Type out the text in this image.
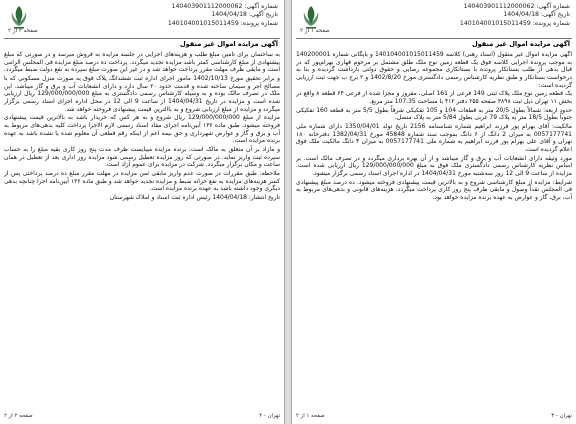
شماره آگهی: 140403901112000062
تاریخ آگهی: 1404/04/18
شماره پرونده: 140104001015011459
صفحه ۲ از ۲
آگهی مزایده اموال غیر منقول

به ساختمان برای تامین مبلغ طلب و هزینه‌های اجرایی در جلسه مزایده به فروش میرسد و در صورتی که مبلغ پیشنهادی از مبلغ کارشناسی کمتر باشد مزایده تجدید میگردد. پرداخت ده درصد مبلغ مزایده فی المجلس الزامی است و مابقی ظرف مهلت مقرر پرداخت خواهد شد و در غیر این صورت مبلغ سپرده به نفع دولت ضبط میگردد.

و برابر تحقیق مورخ 1402/10/13 مامور اجرای اداره ثبت ششدانگ پلاک فوق به صورت منزل مسکونی که با مصالح آجر و سیمان ساخته شده و قدمت حدود ۲۰ سال دارد و دارای انشعابات آب و برق و گاز میباشد. این ملک در تصرف مالک بوده و به وسیله کارشناس رسمی دادگستری به مبلغ 129/000/000/000 ریال ارزیابی شده است و مزایده در تاریخ 1404/04/31 از ساعت 9 الی 12 در محل اداره اجرای اسناد رسمی برگزار میگردد و مزایده از مبلغ ارزیابی شروع و به باالترین قیمت پیشنهادی فروخته خواهد شد.

مزایده از مبلغ 129/000/000/000 ریال شروع و به هر کس که خریدار باشد به بالاترین قیمت پیشنهادی فروخته میشود. طبق ماده ۱۳۶ آیین‌نامه اجرای مفاد اسناد رسمی لازم الاجرا پرداخت کلیه بدهی‌های مربوط به آب و برق و گاز و عوارض شهرداری و حق بیمه اعم از اینکه رقم قطعی آن معلوم شده یا نشده باشد به عهده برنده مزایده است.

و مازاد بر آن متعلق به مالک است. برنده مزایده میبایست ظرف مدت پنج روز کاری بقیه مبلغ را به حساب سپرده ثبت واریز نماید. در صورتی که روز مزایده تعطیل رسمی شود مزایده روز اداری بعد از تعطیل در همان ساعت و مکان برگزار میگردد. شرکت در مزایده برای عموم آزاد است.

ملاحظه: طبق مقررات در صورت عدم واریز مابقی ثمن مزایده در مهلت مقرر مبلغ ده درصد پرداختی پس از کسر هزینه‌های مزایده به نفع خزانه ضبط و مزایده تجدید خواهد شد و طبق ماده ۱۳۶ آیین‌نامه اجرا چنانچه بدهی دیگری وجود داشته باشد به عهده برنده مزایده است.

تاریخ انتشار: 1404/04/18 رئیس اداره ثبت اسناد و املاک شهرستان

صفحه ۲ از ۲	تهران - ۴
شماره آگهی: 140403901112000062
تاریخ آگهی: 1404/04/18
شماره پرونده: 140104001015011459
صفحه ۱ از ۲
آگهی مزایده اموال غیر منقول

آگهی مزایده اموال غیر منقول (اسناد رهنی) کلاسه 140104001015011459 و بایگانی شماره 140200001 به موجب پرونده اجرایی کلاسه فوق یک قطعه زمین نوع ملک طلق مشتمل بر مرحوم قهاری بهرام‌پور که در قبال بدهی از طلب بستانکار پرونده با بستانکاری مجموعه رضایی و حقوق دولتی بازداشت گردیده و بنا به درخواست بستانکار و طبق نظریه کارشناس رسمی دادگستری مورخ 1402/8/20 و ۲ برج ب جهت ثبت ارزیابی گردیده است:

یک قطعه زمین نوع ملک پلاک ثبتی 149 فرعی از 161 اصلی، مفروز و مجزا شده از فرعی ۶۴ قطعه ۸ واقع در بخش ۱۱ تهران ذیل ثبت ۳۸۹۸ صفحه ۲۵۵ دفتر ۴۱۲ با مساحت 107.35 متر مربع.

حدود اربعه: شمالاً بطول 20/5 متر به قطعات 104 و 105 تفکیکی شرقاً بطول 5/5 متر به قطعه 160 تفکیکی جنوباً بطول 18/5 متر به پلاک 79 غربی بطول 5/84 متر به پلاک متصل.

مالکیت: آقای بهرام پور فرزند ابراهیم شماره شناسنامه 2156 تاریخ تولد 1350/04/01 دارای شماره ملی 0057177741 به میزان 2 دانگ از ۶ دانگ بموجب سند شماره 45848 مورخ 1382/04/31 دفترخانه ۱۸۰ تهران و آقای علی بهرام پور فرزند ابراهیم به شماره ملی 0057177741 به میزان ۴ دانگ مالکیت ملک فوق اعلام گردیده است.

مورد وثیقه دارای انشعابات آب و برق و گاز میباشد و از آن بهره برداری میگردد و در تصرف مالک است. بر اساس نظریه کارشناس رسمی دادگستری ملک فوق به مبلغ 129/000/000/000 ریال ارزیابی شده است. مزایده از ساعت 9 الی 12 روز سه‌شنبه مورخ 1404/04/31 در اداره اجرای اسناد رسمی برگزار میشود.

شرایط: مزایده از مبلغ کارشناسی شروع و به بالاترین قیمت پیشنهادی فروخته میشود. ده درصد مبلغ پیشنهادی فی المجلس نقداً وصول و مابقی ظرف پنج روز کاری پرداخت میگردد. هزینه‌های قانونی و بدهی‌های مربوط به آب، برق، گاز و عوارض به عهده برنده مزایده خواهد بود.

صفحه ۱ از ۲	تهران - ۳
